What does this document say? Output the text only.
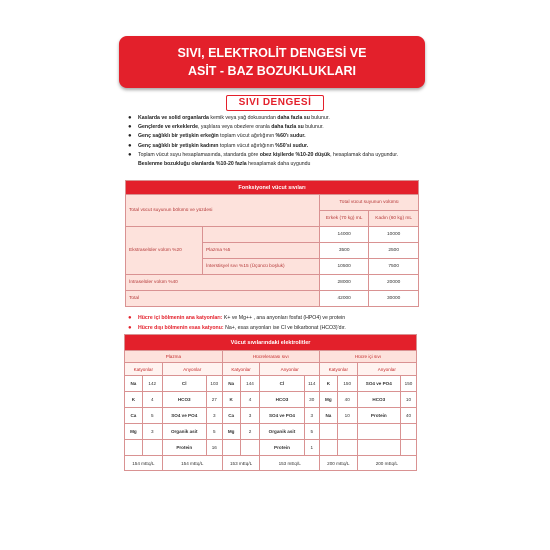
SIVI, ELEKTROLİT DENGESİ VE
ASİT - BAZ BOZUKLUKLARI
SIVI DENGESİ
● Kaslarda ve solid organlarda kemik veya yağ dokusundan daha fazla su bulunur.
● Gençlerde ve erkeklerde, yaşlılara veya obezlere oranla daha fazla su bulunur.
● Genç sağlıklı bir yetişkin erkeğin toplam vücut ağırlığının %60'ı sudur.
● Genç sağlıklı bir yetişkin kadının toplam vücut ağırlığının %50'si sudur.
● Toplam vücut suyu hesaplamasında, standarda göre obez kişilerde %10-20 düşük, hesaplamak daha uygundur.
Beslenme bozukluğu olanlarda %10-20 fazla hesaplamak daha uygundu
Fonksiyonel vücut sıvıları			
Total vücut suyunun bölümü ve yüzdesi		Total vücut suyunun volümü	
		Erkek (70 kg) mL	Kadın (60 kg) mL
Ekstraselüler volüm %20		14000	10000
	Plazma %5	3500	2500
	İnterstisyel sıvı %15 (Üçüncü boşluk)	10500	7500
İntraselüler volüm %40		28000	20000
Total		42000	30000
● Hücre içi bölmenin ana katyonları: K+ ve Mg++ , ana anyonları fosfat (HPO4) ve protein
● Hücre dışı bölmenin esas katyonu: Na+, esas anyonları ise Cl ve bikarbonat (HCO3)'dır.
Vücut sıvılarındaki elektrolitler											
Plazma				Hücrelerarası sıvı				Hücre içi sıvı			
Katyonlar		Anyonlar		Katyonlar		Anyonlar		Katyonlar		Anyonlar	
Na	142	Cl	103	Na	144	Cl	114	K	150	SO4 ve PO4	150
K	4	HCO3	27	K	4	HCO3	30	Mg	40	HCO3	10
Ca	5	SO4 ve PO4	3	Ca	3	SO4 ve PO4	3	Na	10	Protein	40
Mg	3	Organik asit	5	Mg	2	Organik asit	5				
		Protein	16			Protein	1				
154 mEq/L		154 mEq/L		153 mEq/L		153 mEq/L		200 mEq/L		200 mEq/L	
